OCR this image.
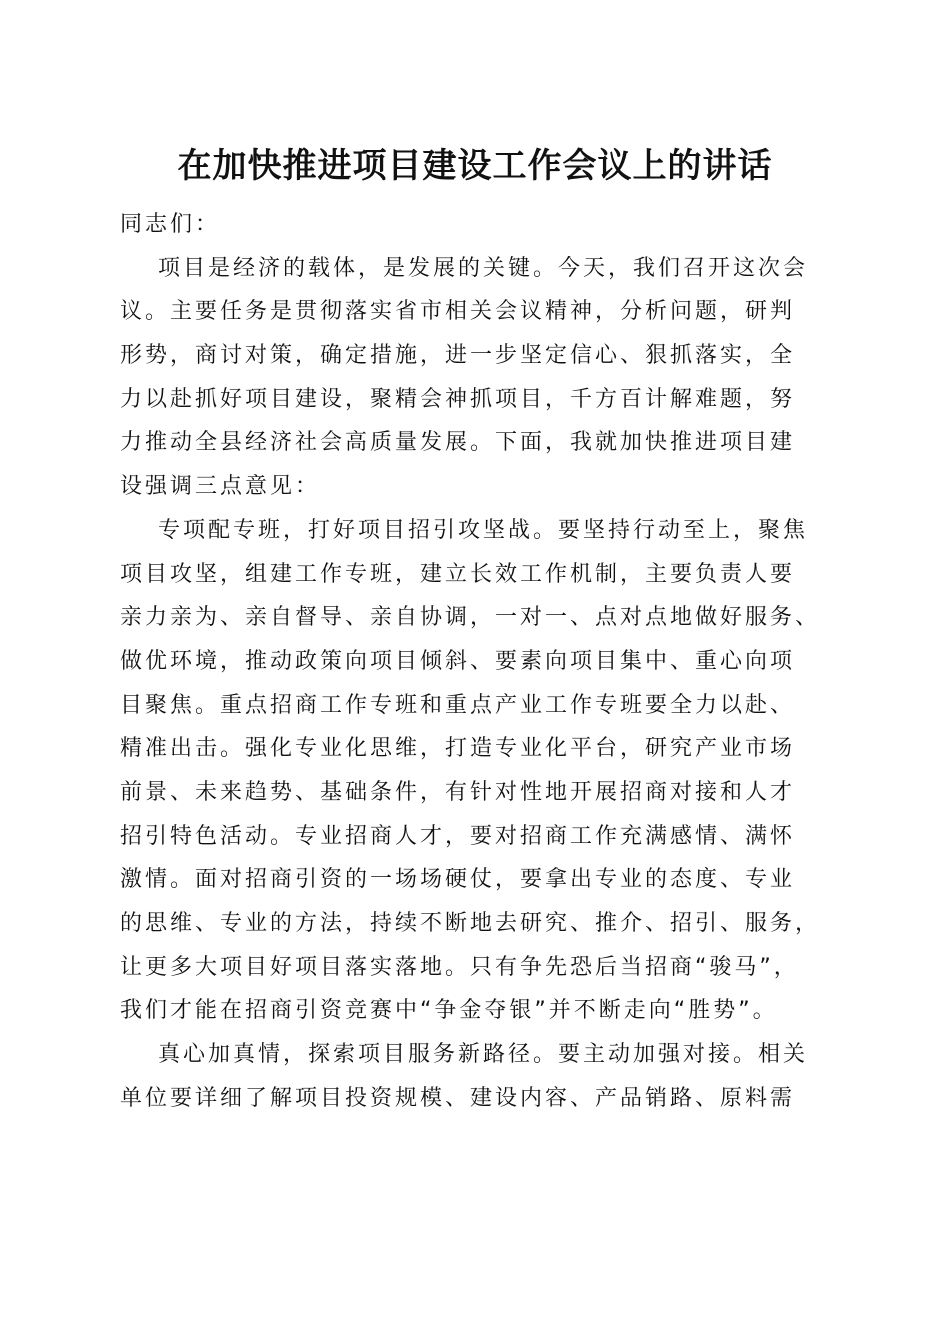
在加快推进项目建设工作会议上的讲话
同志们：
项目是经济的载体，是发展的关键。今天，我们召开这次会
议。主要任务是贯彻落实省市相关会议精神，分析问题，研判
形势，商讨对策，确定措施，进一步坚定信心、狠抓落实，全
力以赴抓好项目建设，聚精会神抓项目，千方百计解难题，努
力推动全县经济社会高质量发展。下面，我就加快推进项目建
设强调三点意见：
专项配专班，打好项目招引攻坚战。要坚持行动至上，聚焦
项目攻坚，组建工作专班，建立长效工作机制，主要负责人要
亲力亲为、亲自督导、亲自协调，一对一、点对点地做好服务、
做优环境，推动政策向项目倾斜、要素向项目集中、重心向项
目聚焦。重点招商工作专班和重点产业工作专班要全力以赴、
精准出击。强化专业化思维，打造专业化平台，研究产业市场
前景、未来趋势、基础条件，有针对性地开展招商对接和人才
招引特色活动。专业招商人才，要对招商工作充满感情、满怀
激情。面对招商引资的一场场硬仗，要拿出专业的态度、专业
的思维、专业的方法，持续不断地去研究、推介、招引、服务，
让更多大项目好项目落实落地。只有争先恐后当招商“骏马”，
我们才能在招商引资竞赛中“争金夺银”并不断走向“胜势”。
真心加真情，探索项目服务新路径。要主动加强对接。相关
单位要详细了解项目投资规模、建设内容、产品销路、原料需
